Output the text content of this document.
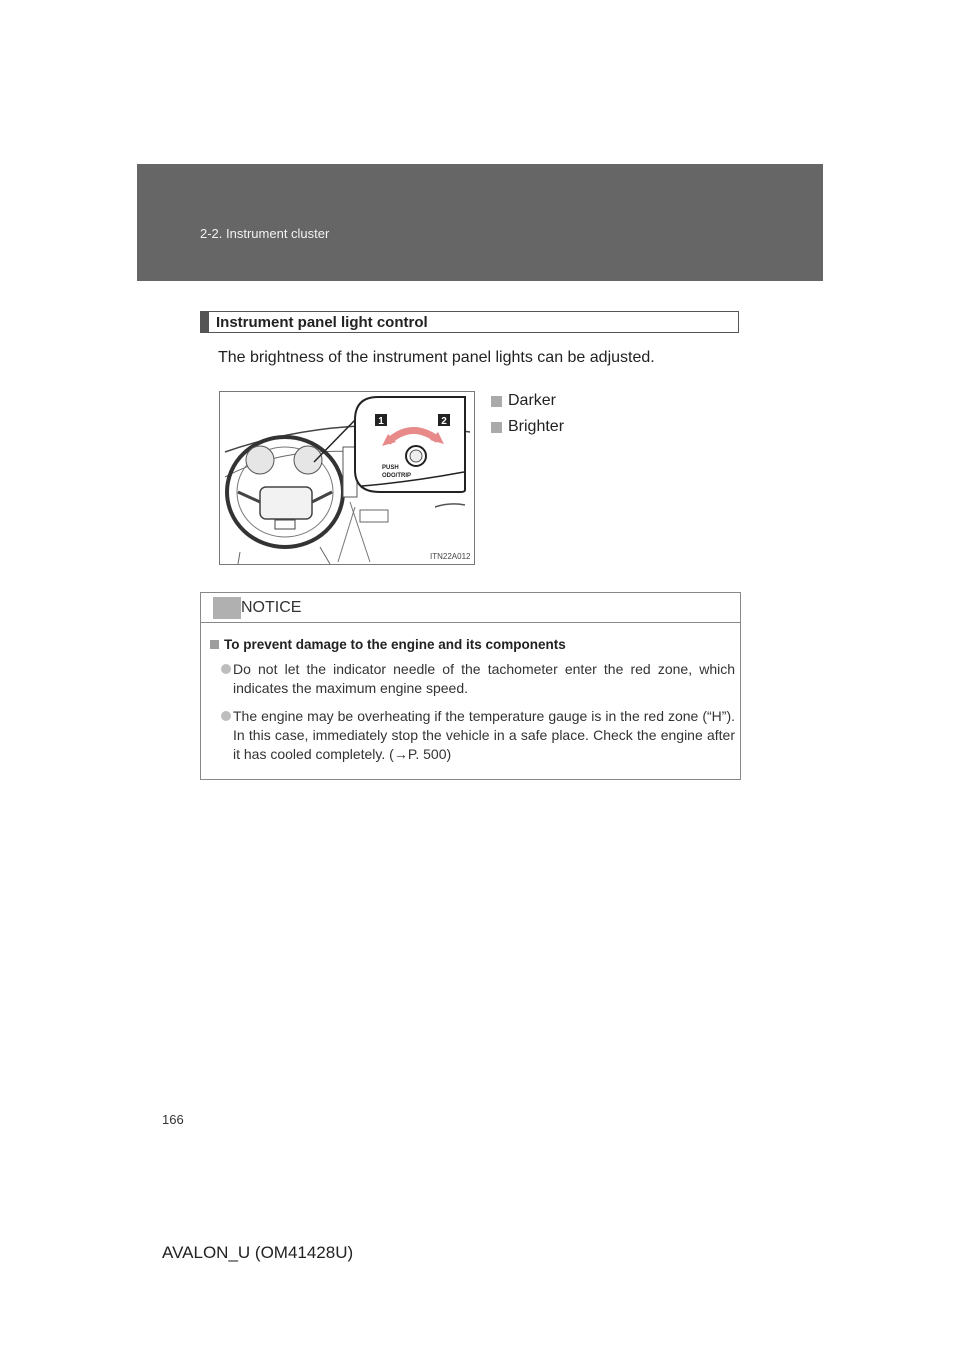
2-2. Instrument cluster
Instrument panel light control
The brightness of the instrument panel lights can be adjusted.
1	2
PUSH
ODO/TRIP
ITN22A012
Darker
Brighter
NOTICE
To prevent damage to the engine and its components
Do not let the indicator needle of the tachometer enter the red zone, which indicates the maximum engine speed.
The engine may be overheating if the temperature gauge is in the red zone (“H”). In this case, immediately stop the vehicle in a safe place. Check the engine after it has cooled completely. (→P. 500)
166
AVALON_U (OM41428U)
